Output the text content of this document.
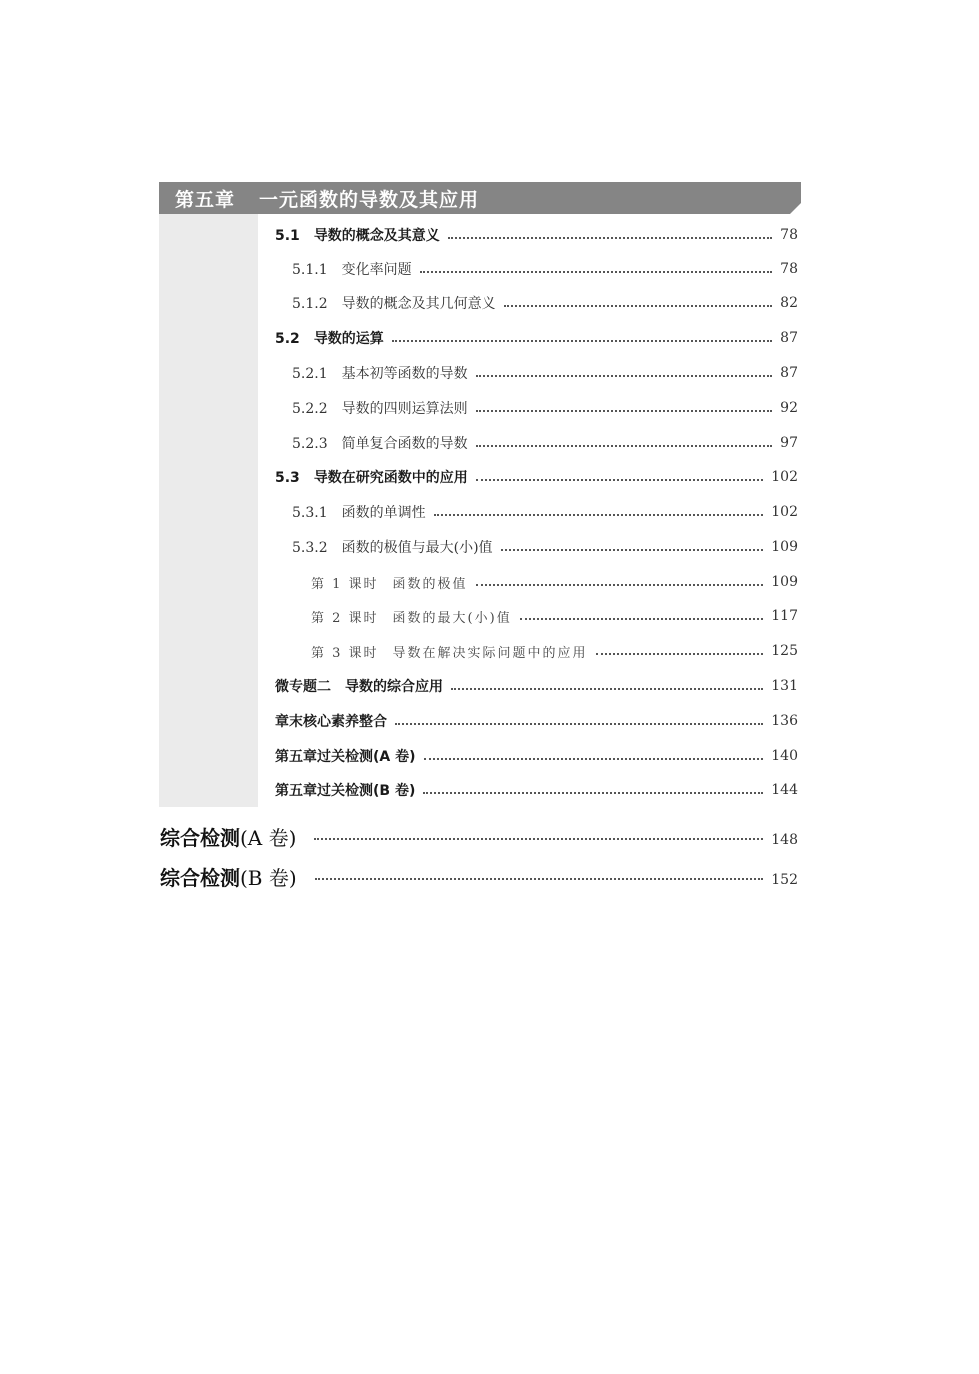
第五章 一元函数的导数及其应用
5.1 导数的概念及其意义	78
5.1.1 变化率问题	78
5.1.2 导数的概念及其几何意义	82
5.2 导数的运算	87
5.2.1 基本初等函数的导数	87
5.2.2 导数的四则运算法则	92
5.2.3 简单复合函数的导数	97
5.3 导数在研究函数中的应用	102
5.3.1 函数的单调性	102
5.3.2 函数的极值与最大(小)值	109
第 1 课时 函数的极值	109
第 2 课时 函数的最大(小)值	117
第 3 课时 导数在解决实际问题中的应用	125
微专题二 导数的综合应用	131
章末核心素养整合	136
第五章过关检测(A 卷)	140
第五章过关检测(B 卷)	144
综合检测(A 卷)	148
综合检测(B 卷)	152
